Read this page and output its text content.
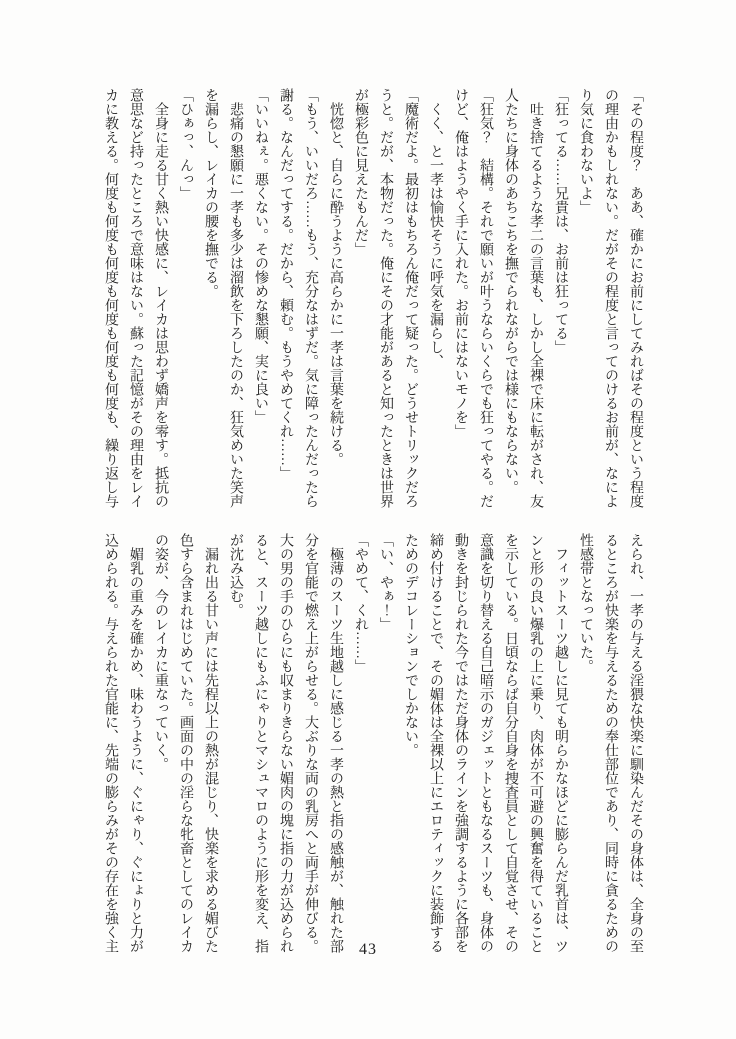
「その程度？　ああ、確かにお前にしてみればその程度という程度
の理由かもしれない。だがその程度と言ってのけるお前が、なによ
り気に食わないよ」
「狂ってる……兄貴は、お前は狂ってる」
　吐き捨てるような孝二の言葉も、しかし全裸で床に転がされ、友
人たちに身体のあちこちを撫でられながらでは様にもならない。
「狂気？　結構。それで願いが叶うならいくらでも狂ってやる。だ
けど、俺はようやく手に入れた。お前にはないモノを」
　くく、と一孝は愉快そうに呼気を漏らし、
「魔術だよ。最初はもちろん俺だって疑った。どうせトリックだろ
うと。だが、本物だった。俺にその才能があると知ったときは世界
が極彩色に見えたもんだ」
　恍惚と、自らに酔うように高らかに一孝は言葉を続ける。
「もう、いいだろ……もう、充分なはずだ。気に障ったんだったら
謝る。なんだってする。だから、頼む。もうやめてくれ……」
「いいねぇ。悪くない。その惨めな懇願、実に良い」
　悲痛の懇願に一孝も多少は溜飲を下ろしたのか、狂気めいた笑声
を漏らし、レイカの腰を撫でる。
「ひぁっ、んっ」
　全身に走る甘く熱い快感に、レイカは思わず嬌声を零す。抵抗の
意思など持ったところで意味はない。蘇った記憶がその理由をレイ
カに教える。何度も何度も何度も何度も何度も何度も、繰り返し与
えられ、一孝の与える淫猥な快楽に馴染んだその身体は、全身の至
るところが快楽を与えるための奉仕部位であり、同時に貪るための
性感帯となっていた。
　フィットスーツ越しに見ても明らかなほどに膨らんだ乳首は、ツ
ンと形の良い爆乳の上に乗り、肉体が不可避の興奮を得ていること
を示している。日頃ならば自分自身を捜査員として自覚させ、その
意識を切り替える自己暗示のガジェットともなるスーツも、身体の
動きを封じられた今ではただ身体のラインを強調するように各部を
締め付けることで、その媚体は全裸以上にエロティックに装飾する
ためのデコレーションでしかない。
「い、やぁ！」
「やめて、くれ……」
　極薄のスーツ生地越しに感じる一孝の熱と指の感触が、触れた部
分を官能で燃え上がらせる。大ぶりな両の乳房へと両手が伸びる。
大の男の手のひらにも収まりきらない媚肉の塊に指の力が込められ
ると、スーツ越しにもふにゃりとマシュマロのように形を変え、指
が沈み込む。
　漏れ出る甘い声には先程以上の熱が混じり、快楽を求める媚びた
色すら含まれはじめていた。画面の中の淫らな牝畜としてのレイカ
の姿が、今のレイカに重なっていく。
　媚乳の重みを確かめ、味わうように、ぐにゃり、ぐにょりと力が
込められる。与えられた官能に、先端の膨らみがその存在を強く主	43
